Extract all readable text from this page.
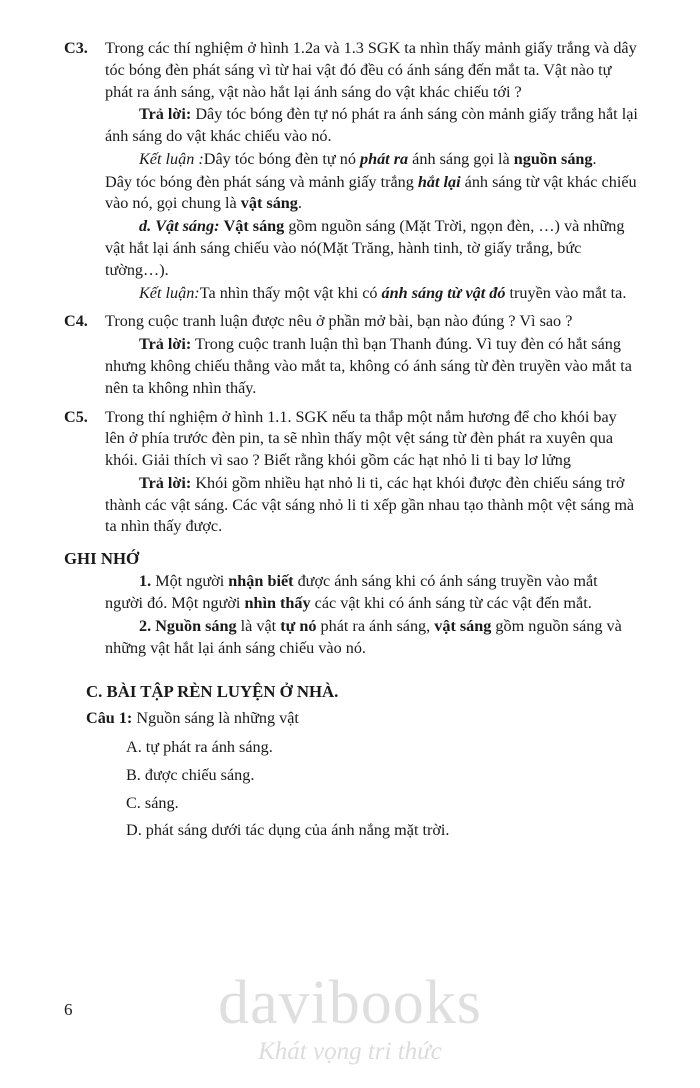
C3.	Trong các thí nghiệm ở hình 1.2a và 1.3 SGK ta nhìn thấy mảnh giấy trắng và dây tóc bóng đèn phát sáng vì từ hai vật đó đều có ánh sáng đến mắt ta. Vật nào tự phát ra ánh sáng, vật nào hắt lại ánh sáng do vật khác chiếu tới ?

Trả lời: Dây tóc bóng đèn tự nó phát ra ánh sáng còn mảnh giấy trắng hắt lại ánh sáng do vật khác chiếu vào nó.

Kết luận :Dây tóc bóng đèn tự nó phát ra ánh sáng gọi là nguồn sáng.

Dây tóc bóng đèn phát sáng và mảnh giấy trắng hắt lại ánh sáng từ vật khác chiếu vào nó, gọi chung là vật sáng.

d. Vật sáng: Vật sáng gồm nguồn sáng (Mặt Trời, ngọn đèn, …) và những vật hắt lại ánh sáng chiếu vào nó(Mặt Trăng, hành tinh, tờ giấy trắng, bức tường…).

Kết luận:Ta nhìn thấy một vật khi có ánh sáng từ vật đó truyền vào mắt ta.

C4.	Trong cuộc tranh luận được nêu ở phần mở bài, bạn nào đúng ? Vì sao ?

Trả lời: Trong cuộc tranh luận thì bạn Thanh đúng. Vì tuy đèn có hắt sáng nhưng không chiếu thẳng vào mắt ta, không có ánh sáng từ đèn truyền vào mắt ta nên ta không nhìn thấy.

C5.	Trong thí nghiệm ở hình 1.1. SGK nếu ta thắp một nắm hương để cho khói bay lên ở phía trước đèn pin, ta sẽ nhìn thấy một vệt sáng từ đèn phát ra xuyên qua khói. Giải thích vì sao ? Biết rằng khói gồm các hạt nhỏ li ti bay lơ lửng

Trả lời: Khói gồm nhiều hạt nhỏ li ti, các hạt khói được đèn chiếu sáng trở thành các vật sáng. Các vật sáng nhỏ li ti xếp gần nhau tạo thành một vệt sáng mà ta nhìn thấy được.

GHI NHỚ

1. Một người nhận biết được ánh sáng khi có ánh sáng truyền vào mắt người đó. Một người nhìn thấy các vật khi có ánh sáng từ các vật đến mắt.

2. Nguồn sáng là vật tự nó phát ra ánh sáng, vật sáng gồm nguồn sáng và những vật hắt lại ánh sáng chiếu vào nó.

C. BÀI TẬP RÈN LUYỆN Ở NHÀ.

Câu 1: Nguồn sáng là những vật

A. tự phát ra ánh sáng.

B. được chiếu sáng.

C. sáng.

D. phát sáng dưới tác dụng của ánh nắng mặt trời.

6	davibooks
Khát vọng tri thức
